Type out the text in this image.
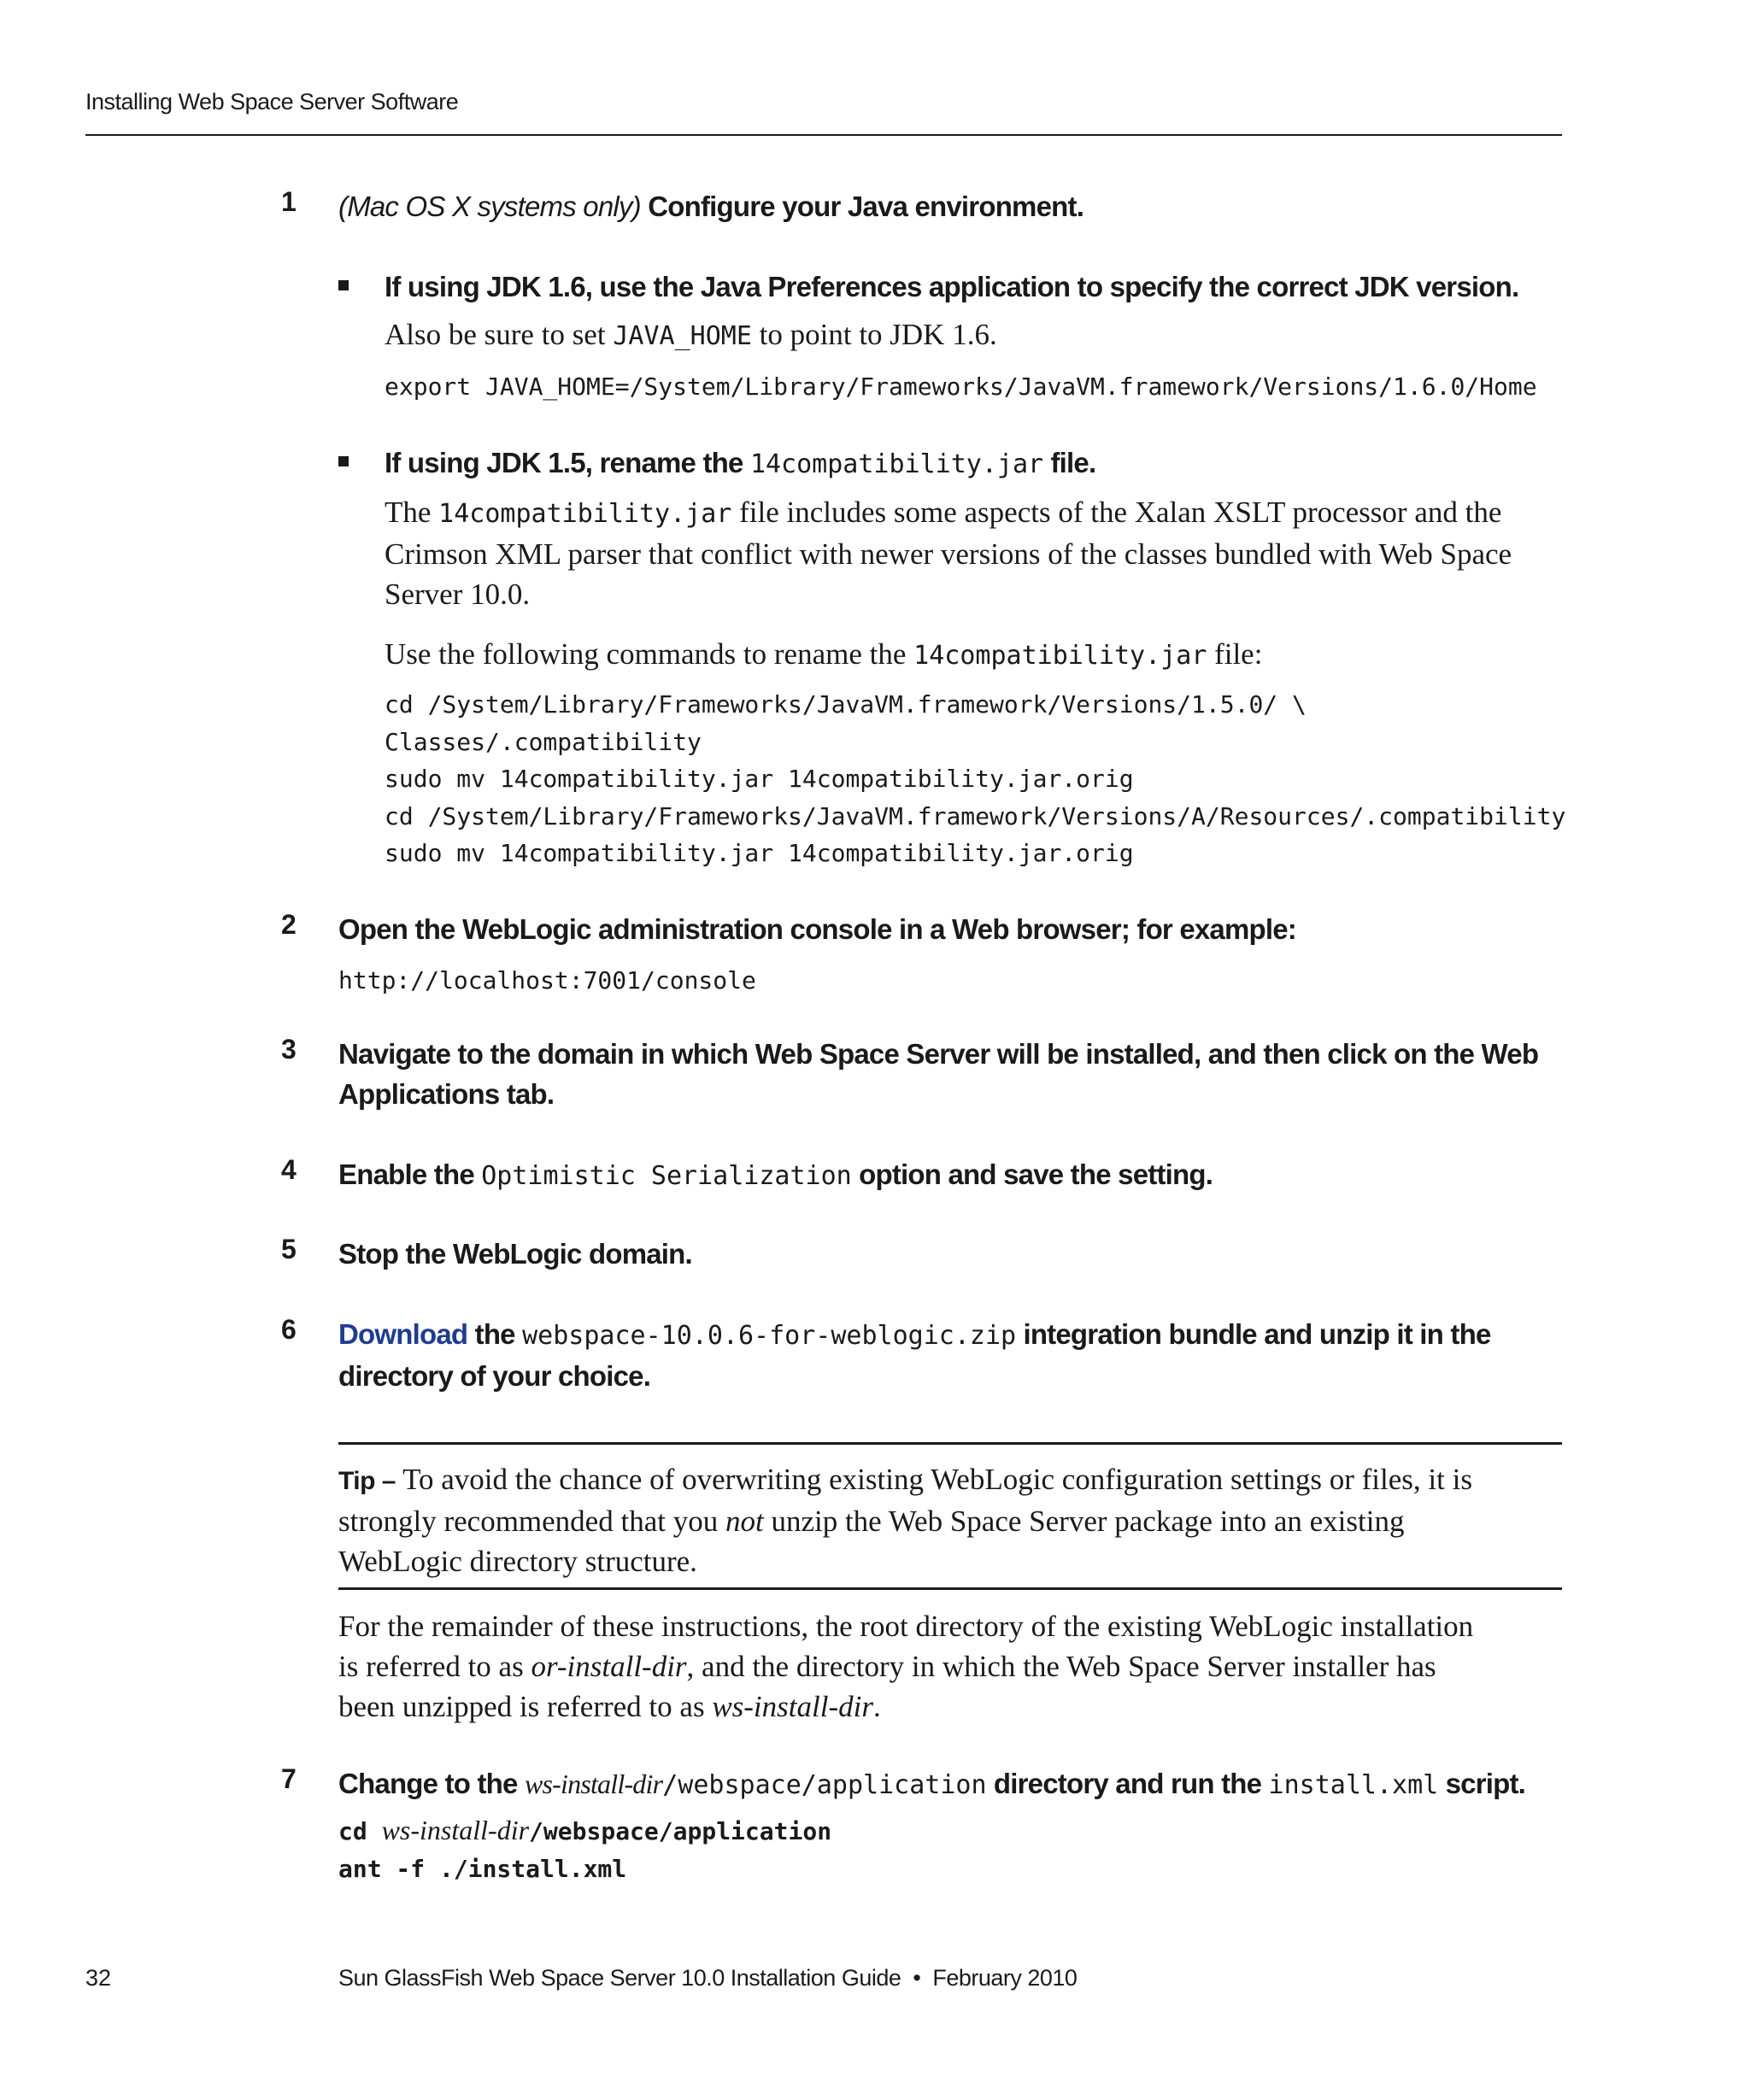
Installing Web Space Server Software
1 (Mac OS X systems only) Configure your Java environment.
If using JDK 1.6, use the Java Preferences application to specify the correct JDK version.
Also be sure to set JAVA_HOME to point to JDK 1.6.
export JAVA_HOME=/System/Library/Frameworks/JavaVM.framework/Versions/1.6.0/Home
If using JDK 1.5, rename the 14compatibility.jar file.
The 14compatibility.jar file includes some aspects of the Xalan XSLT processor and the Crimson XML parser that conflict with newer versions of the classes bundled with Web Space Server 10.0.
Use the following commands to rename the 14compatibility.jar file:
cd /System/Library/Frameworks/JavaVM.framework/Versions/1.5.0/ \
Classes/.compatibility
sudo mv 14compatibility.jar 14compatibility.jar.orig
cd /System/Library/Frameworks/JavaVM.framework/Versions/A/Resources/.compatibility
sudo mv 14compatibility.jar 14compatibility.jar.orig
2 Open the WebLogic administration console in a Web browser; for example:
http://localhost:7001/console
3 Navigate to the domain in which Web Space Server will be installed, and then click on the Web
Applications tab.
4 Enable the Optimistic Serialization option and save the setting.
5 Stop the WebLogic domain.
6 Download the webspace-10.0.6-for-weblogic.zip integration bundle and unzip it in the
directory of your choice.
Tip – To avoid the chance of overwriting existing WebLogic configuration settings or files, it is
strongly recommended that you not unzip the Web Space Server package into an existing
WebLogic directory structure.
For the remainder of these instructions, the root directory of the existing WebLogic installation
is referred to as or-install-dir, and the directory in which the Web Space Server installer has
been unzipped is referred to as ws-install-dir.
7 Change to the ws-install-dir/webspace/application directory and run the install.xml script.
cd ws-install-dir/webspace/application
ant -f ./install.xml
32	Sun GlassFish Web Space Server 10.0 Installation Guide  •  February 2010
